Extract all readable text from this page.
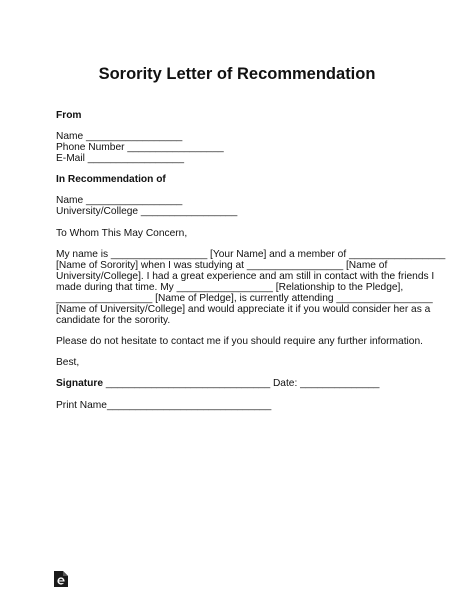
Sorority Letter of Recommendation
From
Name _________________
Phone Number _________________
E-Mail _________________
In Recommendation of
Name _________________
University/College _________________
To Whom This May Concern,
My name is _________________ [Your Name] and a member of _________________
[Name of Sorority] when I was studying at _________________ [Name of
University/College]. I had a great experience and am still in contact with the friends I
made during that time. My _________________ [Relationship to the Pledge],
_________________ [Name of Pledge], is currently attending _________________
[Name of University/College] and would appreciate it if you would consider her as a
candidate for the sorority.
Please do not hesitate to contact me if you should require any further information.
Best,
Signature _____________________________ Date: ______________
Print Name_____________________________
